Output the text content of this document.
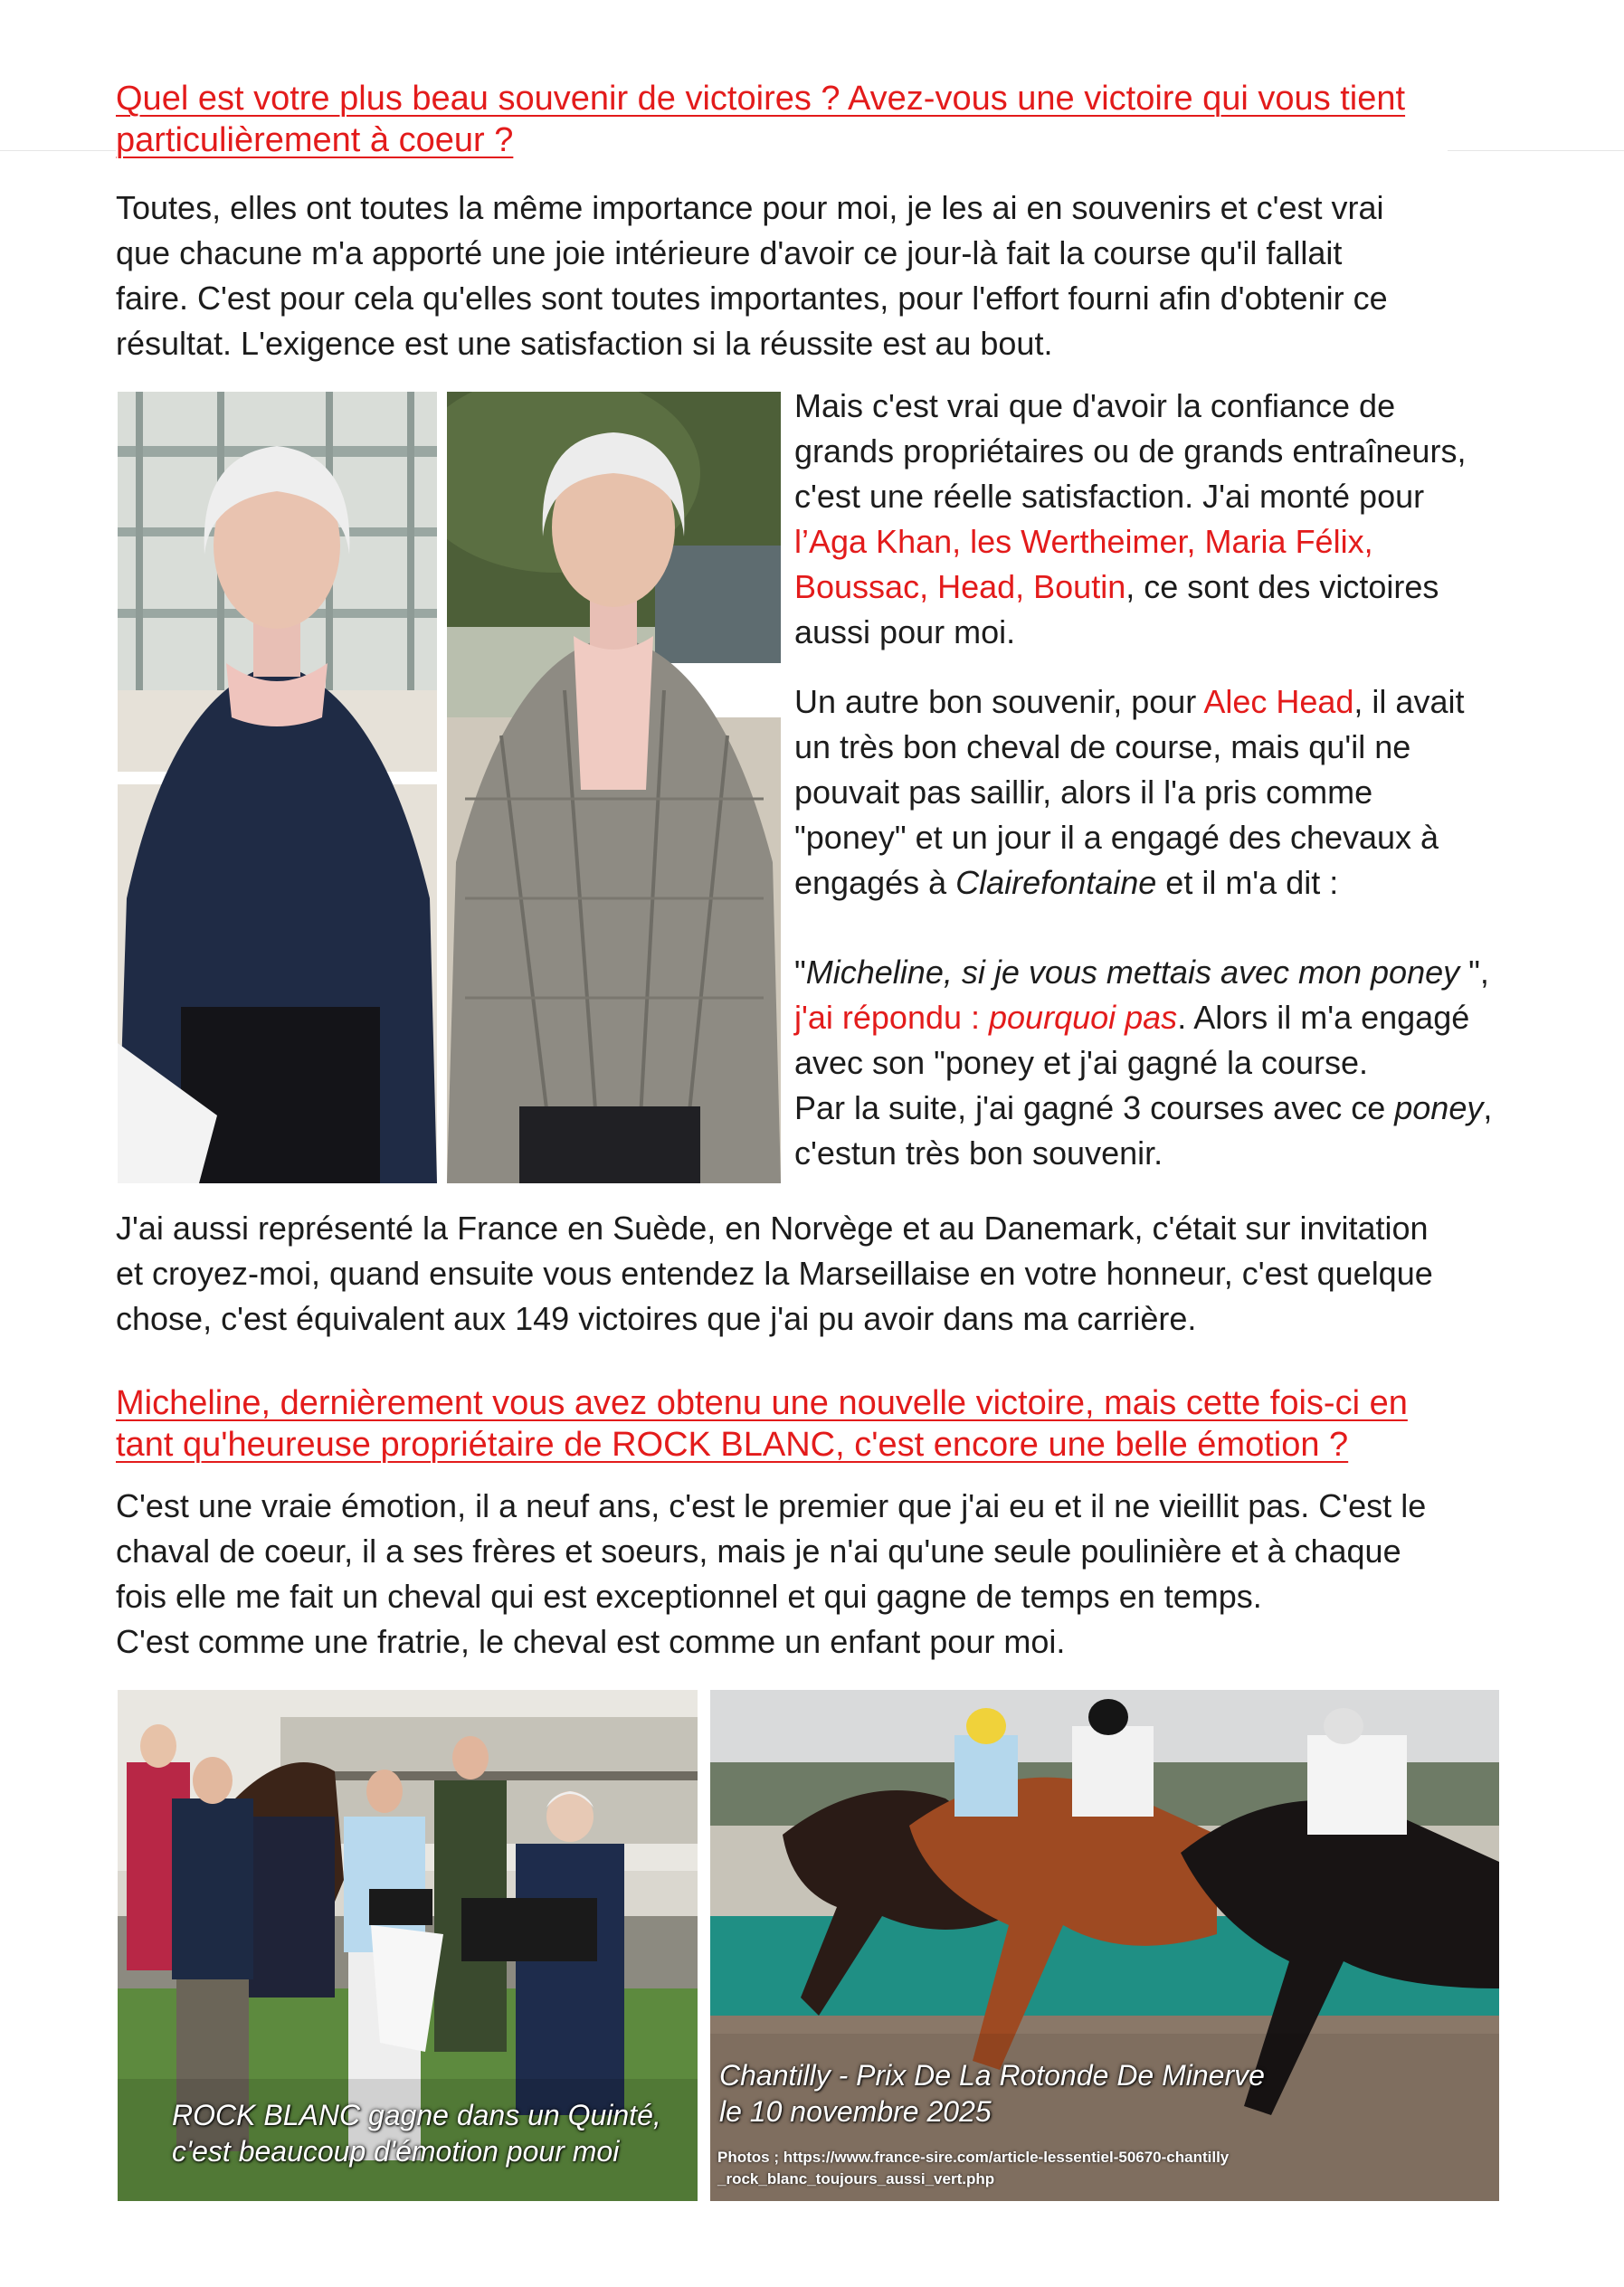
Quel est votre plus beau souvenir de victoires ? Avez-vous une victoire qui vous tient
particulièrement à coeur ?

Toutes, elles ont toutes la même importance pour moi, je les ai en souvenirs et c'est vrai
que chacune m'a apporté une joie intérieure d'avoir ce jour-là fait la course qu'il fallait
faire. C'est pour cela qu'elles sont toutes importantes, pour l'effort fourni afin d'obtenir ce
résultat. L'exigence est une satisfaction si la réussite est au bout.

Mais c'est vrai que d'avoir la confiance de
grands propriétaires ou de grands entraîneurs,
c'est une réelle satisfaction. J'ai monté pour
l’Aga Khan, les Wertheimer, Maria Félix,
Boussac, Head, Boutin, ce sont des victoires
aussi pour moi.

Un autre bon souvenir, pour Alec Head, il avait
un très bon cheval de course, mais qu'il ne
pouvait pas saillir, alors il l'a pris comme
"poney" et un jour il a engagé des chevaux à
engagés à Clairefontaine et il m'a dit :

"Micheline, si je vous mettais avec mon poney ",
j'ai répondu : pourquoi pas. Alors il m'a engagé
avec son "poney et j'ai gagné la course.
Par la suite, j'ai gagné 3 courses avec ce poney,
c'estun très bon souvenir.

J'ai aussi représenté la France en Suède, en Norvège et au Danemark, c'était sur invitation
et croyez-moi, quand ensuite vous entendez la Marseillaise en votre honneur, c'est quelque
chose, c'est équivalent aux 149 victoires que j'ai pu avoir dans ma carrière.

Micheline, dernièrement vous avez obtenu une nouvelle victoire, mais cette fois-ci en
tant qu'heureuse propriétaire de ROCK BLANC, c'est encore une belle émotion ?

C'est une vraie émotion, il a neuf ans, c'est le premier que j'ai eu et il ne vieillit pas. C'est le
chaval de coeur, il a ses frères et soeurs, mais je n'ai qu'une seule poulinière et à chaque
fois elle me fait un cheval qui est exceptionnel et qui gagne de temps en temps.
C'est comme une fratrie, le cheval est comme un enfant pour moi.

ROCK BLANC gagne dans un Quinté,
c'est beaucoup d'émotion pour moi
Chantilly - Prix De La Rotonde De Minerve
le 10 novembre 2025
Photos ; https://www.france-sire.com/article-lessentiel-50670-chantilly
_rock_blanc_toujours_aussi_vert.php
